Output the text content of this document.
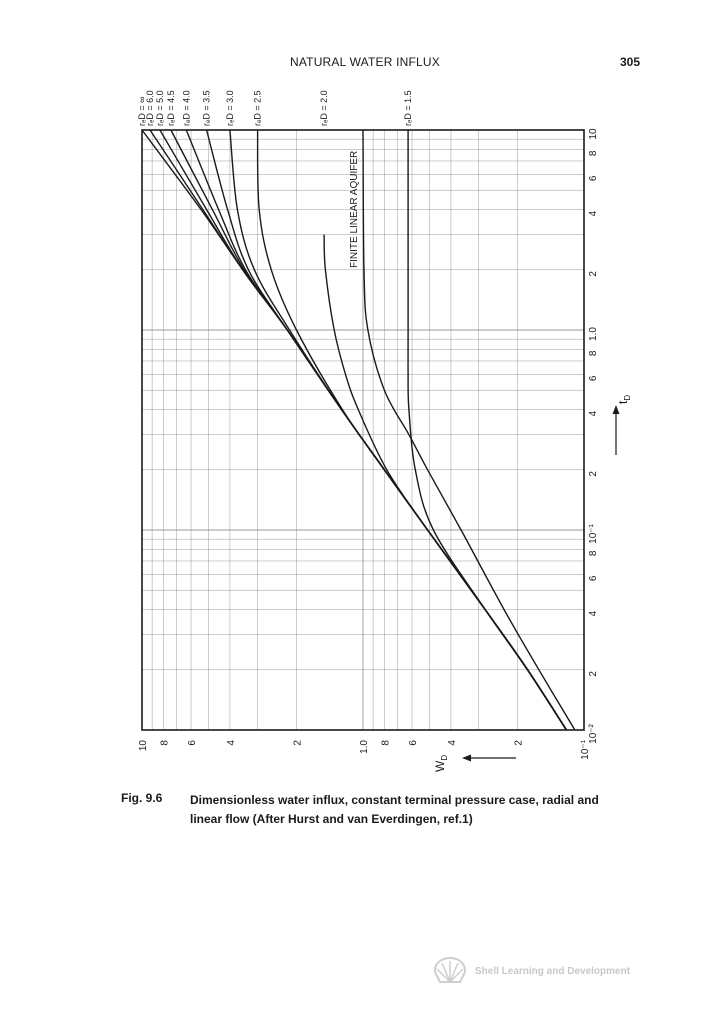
NATURAL WATER INFLUX	305
10⁻²
2
4
6
8
10⁻¹
2
4
6
8
1.0
2
4
6
8
10
10⁻¹
2
4
6
8
1.0
2
4
6
8
10
rₑD = ∞
rₑD = 6.0 rₑD = 5.0 rₑD = 4.5 rₑD = 4.0 rₑD = 3.5 rₑD = 3.0 rₑD = 2.5	rₑD = 2.0	rₑD = 1.5
FINITE LINEAR AQUIFER
$t_D$
$W_D$
Fig. 9.6 Dimensionless water influx, constant terminal pressure case, radial and linear flow (After Hurst and van Everdingen, ref.1)
Shell Learning and Development
